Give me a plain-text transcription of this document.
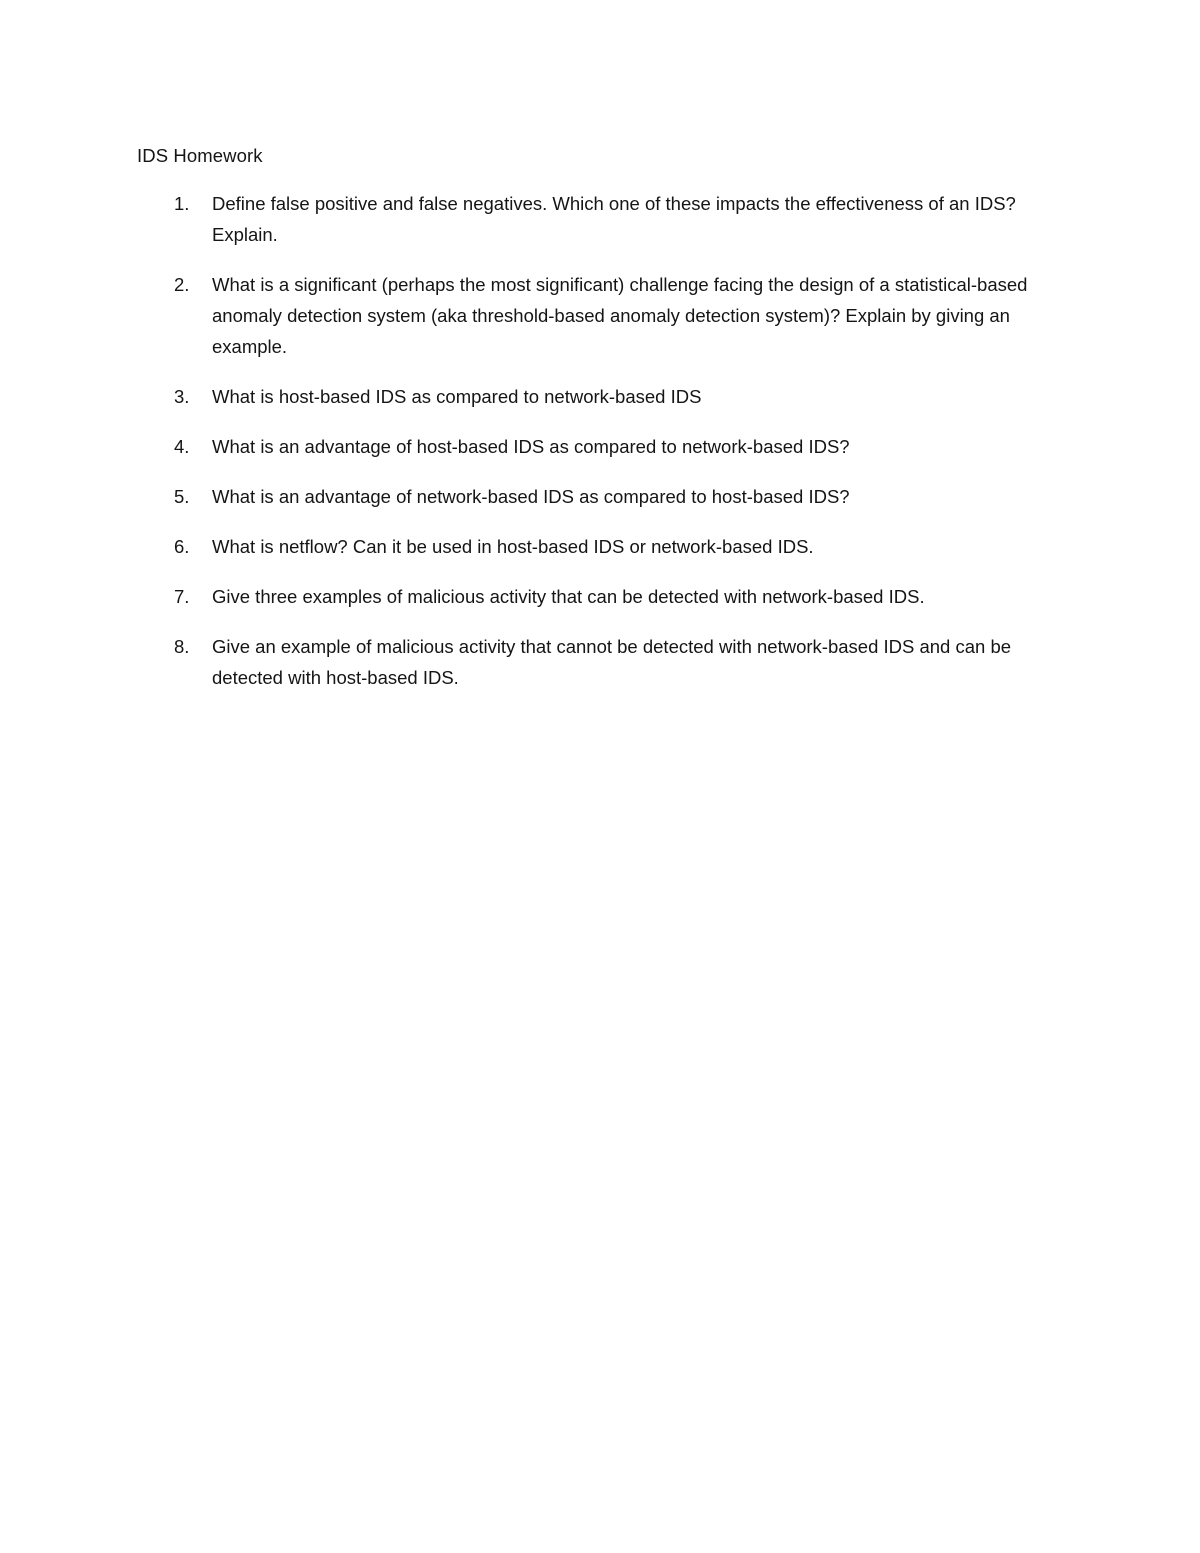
IDS Homework
1.	Define false positive and false negatives. Which one of these impacts the effectiveness of an IDS? Explain.
2.	What is a significant (perhaps the most significant) challenge facing the design of a statistical-based anomaly detection system (aka threshold-based anomaly detection system)? Explain by giving an example.
3.	What is host-based IDS as compared to network-based IDS
4.	What is an advantage of host-based IDS as compared to network-based IDS?
5.	What is an advantage of network-based IDS as compared to host-based IDS?
6.	What is netflow? Can it be used in host-based IDS or network-based IDS.
7.	Give three examples of malicious activity that can be detected with network-based IDS.
8.	Give an example of malicious activity that cannot be detected with network-based IDS and can be detected with host-based IDS.
